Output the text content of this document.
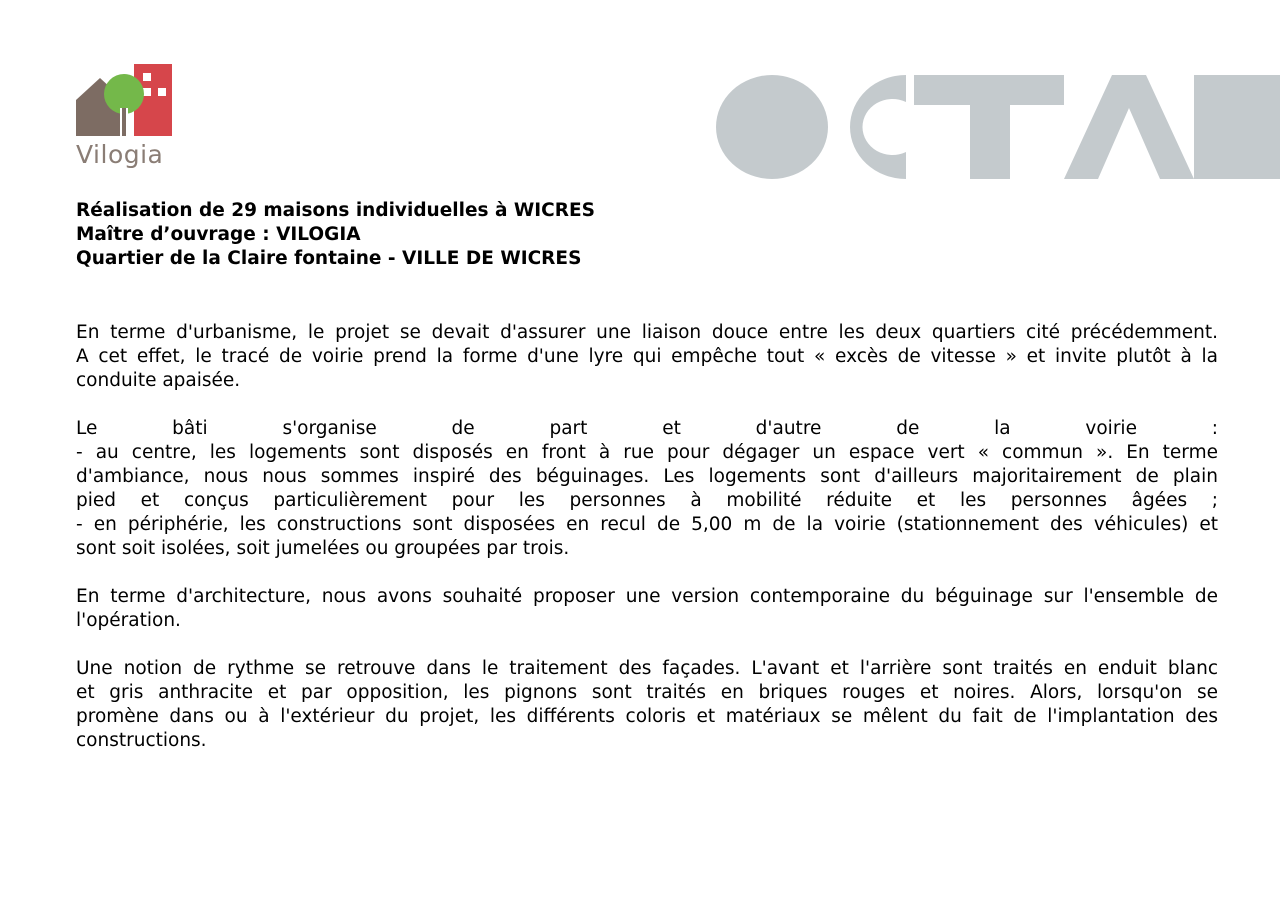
Vilogia
Réalisation de 29 maisons individuelles à WICRES
Maître d’ouvrage : VILOGIA
Quartier de la Claire fontaine - VILLE DE WICRES
En terme d'urbanisme, le projet se devait d'assurer une liaison douce entre les deux quartiers cité précédemment.
A cet effet, le tracé de voirie prend la forme d'une lyre qui empêche tout « excès de vitesse » et invite plutôt à la
conduite apaisée.
Le bâti s'organise de part et d'autre de la voirie :
- au centre, les logements sont disposés en front à rue pour dégager un espace vert « commun ». En terme
d'ambiance, nous nous sommes inspiré des béguinages. Les logements sont d'ailleurs majoritairement de plain
pied et conçus particulièrement pour les personnes à mobilité réduite et les personnes âgées ;
- en périphérie, les constructions sont disposées en recul de 5,00 m de la voirie (stationnement des véhicules) et
sont soit isolées, soit jumelées ou groupées par trois.
En terme d'architecture, nous avons souhaité proposer une version contemporaine du béguinage sur l'ensemble de
l'opération.
Une notion de rythme se retrouve dans le traitement des façades. L'avant et l'arrière sont traités en enduit blanc
et gris anthracite et par opposition, les pignons sont traités en briques rouges et noires. Alors, lorsqu'on se
promène dans ou à l'extérieur du projet, les différents coloris et matériaux se mêlent du fait de l'implantation des
constructions.
